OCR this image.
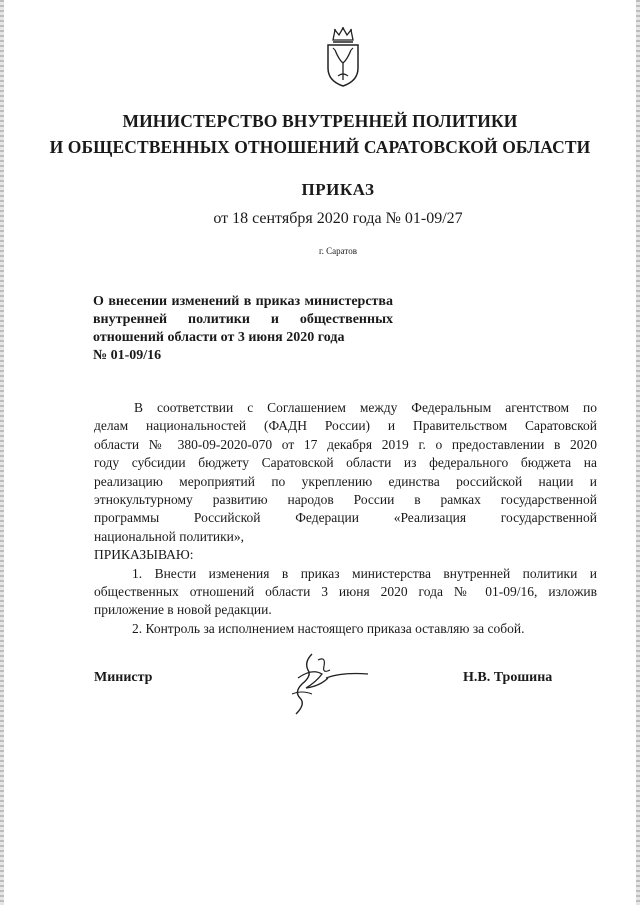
МИНИСТЕРСТВО ВНУТРЕННЕЙ ПОЛИТИКИ
И ОБЩЕСТВЕННЫХ ОТНОШЕНИЙ САРАТОВСКОЙ ОБЛАСТИ
ПРИКАЗ
от 18 сентября 2020 года № 01-09/27
г. Саратов
О внесении изменений в приказ министерства
внутренней политики и общественных
отношений области от 3 июня 2020 года
№ 01-09/16
В соответствии с Соглашением между Федеральным агентством по
делам национальностей (ФАДН России) и Правительством Саратовской
области № 380-09-2020-070 от 17 декабря 2019 г. о предоставлении в 2020
году субсидии бюджету Саратовской области из федерального бюджета на
реализацию мероприятий по укреплению единства российской нации и
этнокультурному развитию народов России в рамках государственной
программы Российской Федерации «Реализация государственной
национальной политики»,
ПРИКАЗЫВАЮ:
1. Внести изменения в приказ министерства внутренней политики и
общественных отношений области 3 июня 2020 года № 01-09/16, изложив
приложение в новой редакции.
2. Контроль за исполнением настоящего приказа оставляю за собой.
Министр	Н.В. Трошина
